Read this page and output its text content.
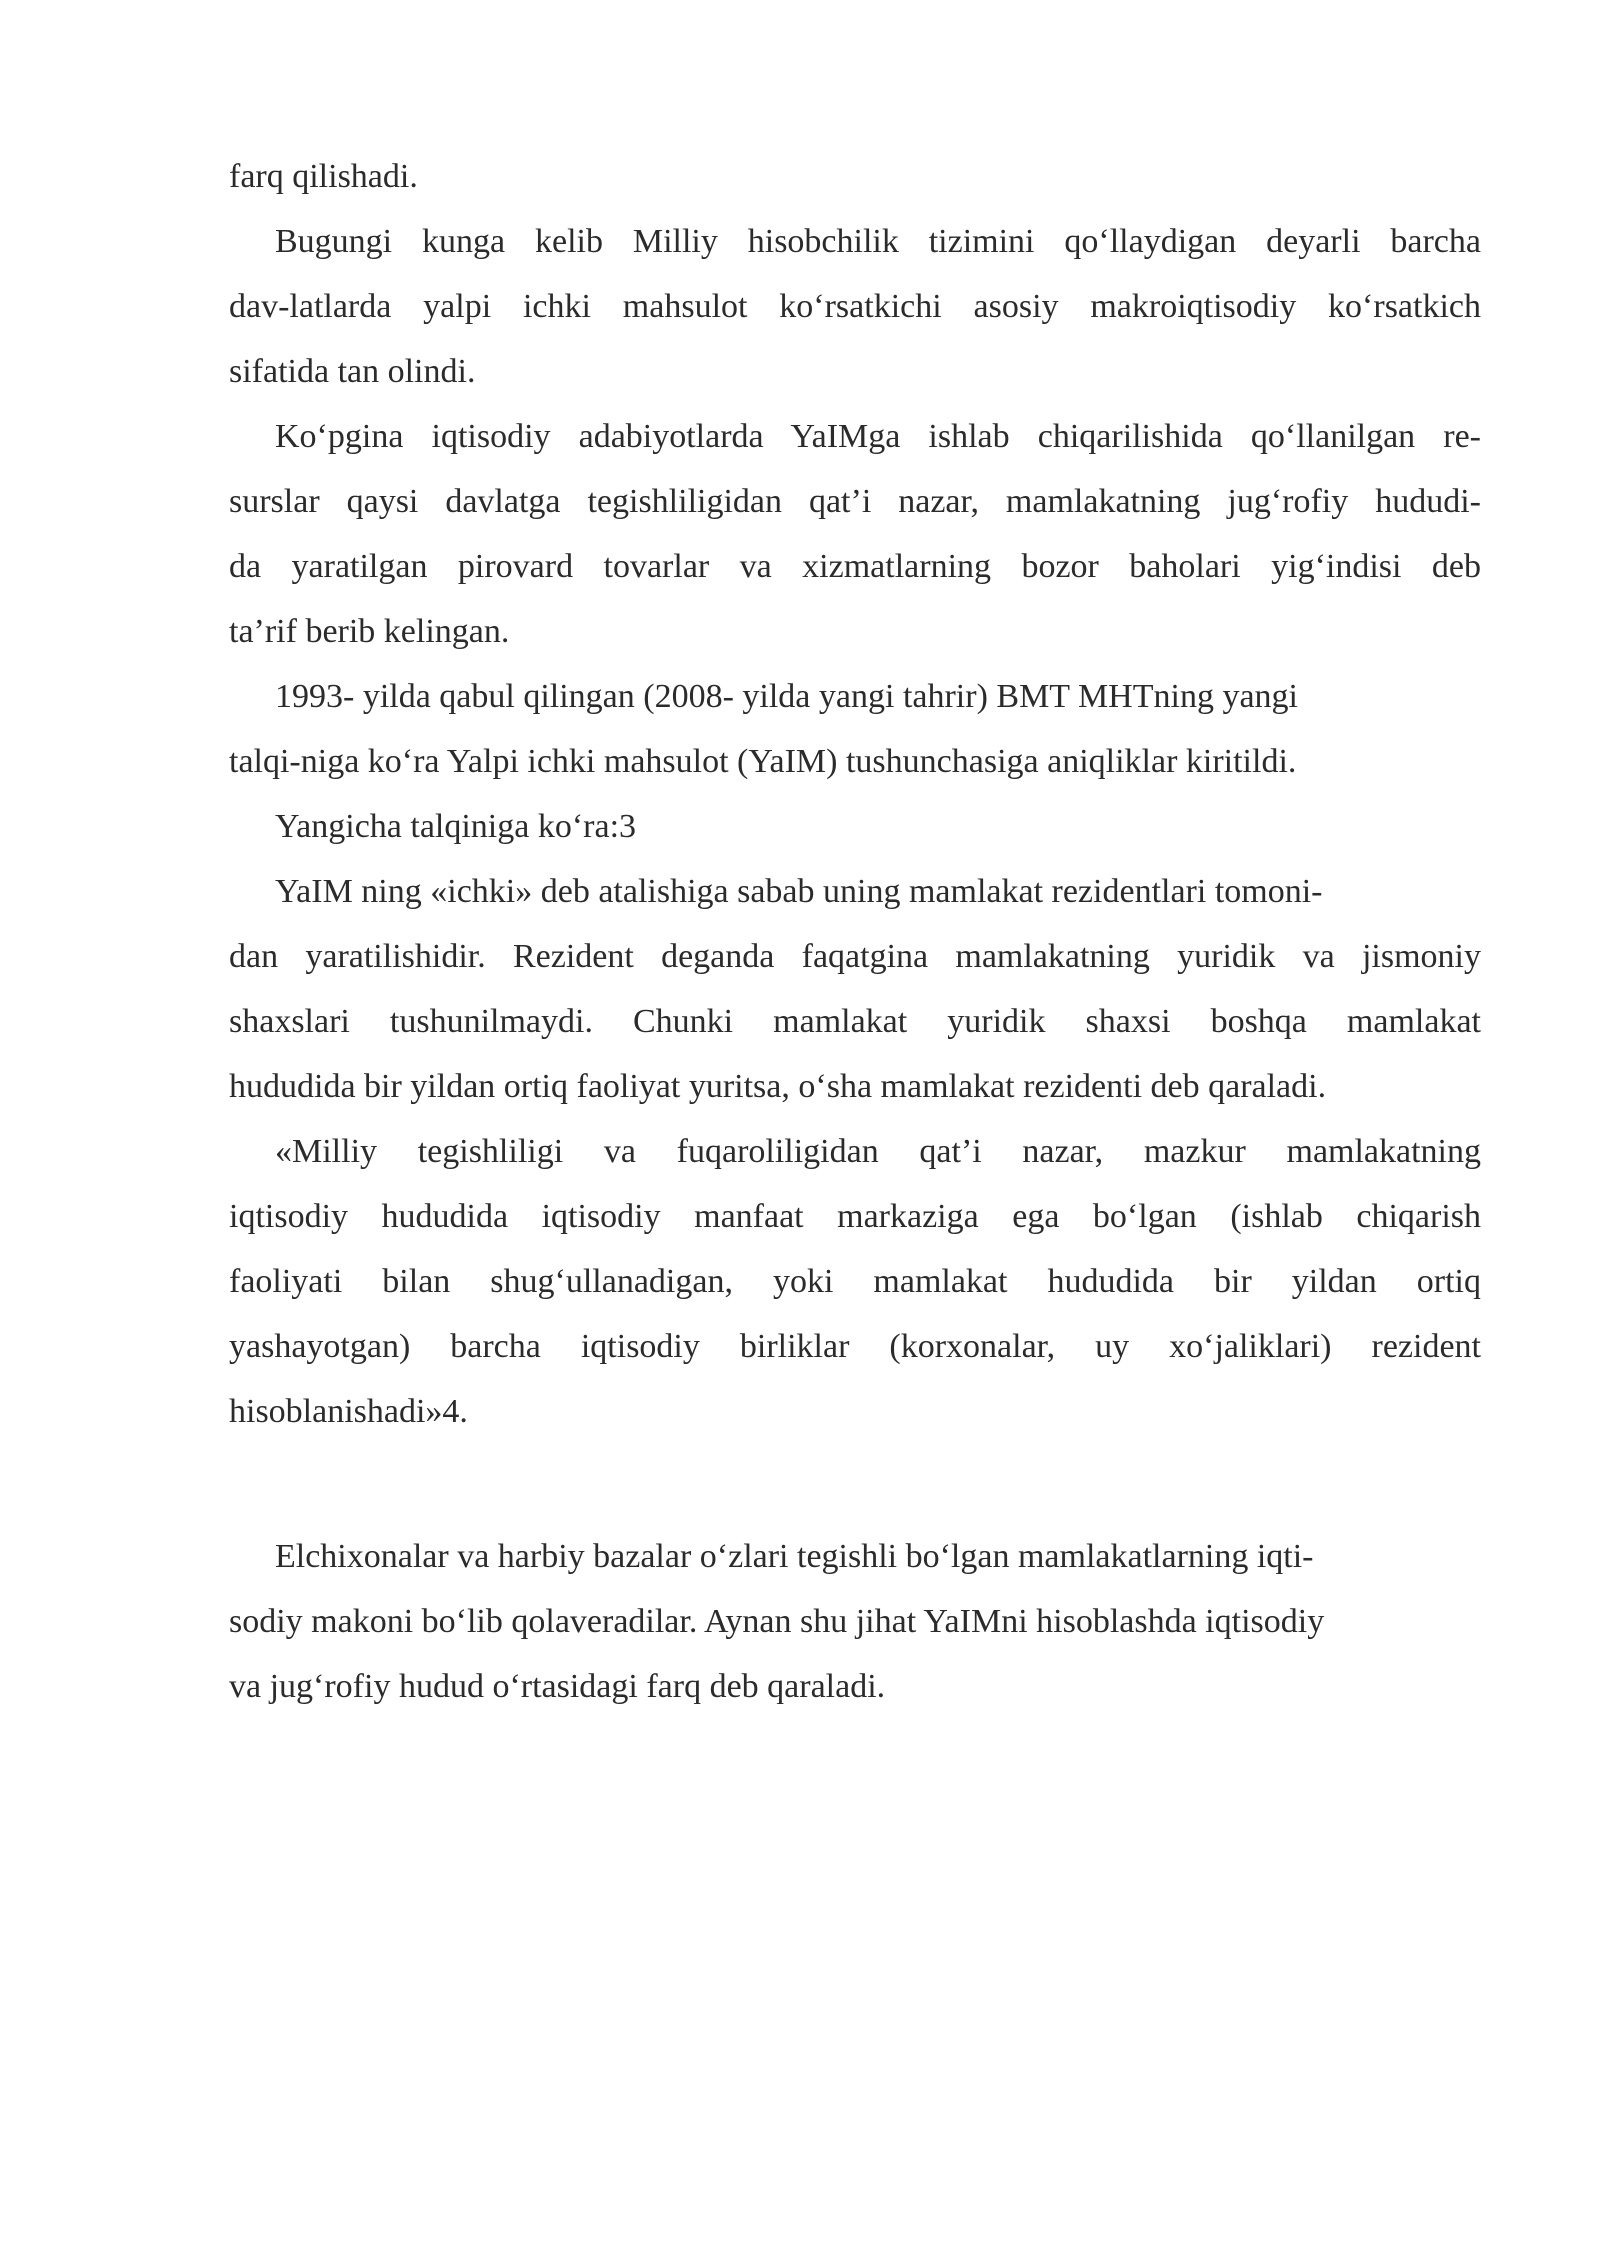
farq qilishadi.
Bugungi kunga kelib Milliy hisobchilik tizimini qo‘llaydigan deyarli barcha
dav-latlarda yalpi ichki mahsulot ko‘rsatkichi asosiy makroiqtisodiy ko‘rsatkich
sifatida tan olindi.
Ko‘pgina iqtisodiy adabiyotlarda YaIMga ishlab chiqarilishida qo‘llanilgan re-
surslar qaysi davlatga tegishliligidan qat’i nazar, mamlakatning jug‘rofiy hududi-
da yaratilgan pirovard tovarlar va xizmatlarning bozor baholari yig‘indisi deb
ta’rif berib kelingan.
1993- yilda qabul qilingan (2008- yilda yangi tahrir) BMT MHTning yangi
talqi-niga ko‘ra Yalpi ichki mahsulot (YaIM) tushunchasiga aniqliklar kiritildi.
Yangicha talqiniga ko‘ra:3
YaIM ning «ichki» deb atalishiga sabab uning mamlakat rezidentlari tomoni-
dan yaratilishidir. Rezident deganda faqatgina mamlakatning yuridik va jismoniy
shaxslari tushunilmaydi. Chunki mamlakat yuridik shaxsi boshqa mamlakat
hududida bir yildan ortiq faoliyat yuritsa, o‘sha mamlakat rezidenti deb qaraladi.
«Milliy tegishliligi va fuqaroliligidan qat’i nazar, mazkur mamlakatning
iqtisodiy hududida iqtisodiy manfaat markaziga ega bo‘lgan (ishlab chiqarish
faoliyati bilan shug‘ullanadigan, yoki mamlakat hududida bir yildan ortiq
yashayotgan) barcha iqtisodiy birliklar (korxonalar, uy xo‘jaliklari) rezident
hisoblanishadi»4.
Elchixonalar va harbiy bazalar o‘zlari tegishli bo‘lgan mamlakatlarning iqti-
sodiy makoni bo‘lib qolaveradilar. Aynan shu jihat YaIMni hisoblashda iqtisodiy
va jug‘rofiy hudud o‘rtasidagi farq deb qaraladi.
